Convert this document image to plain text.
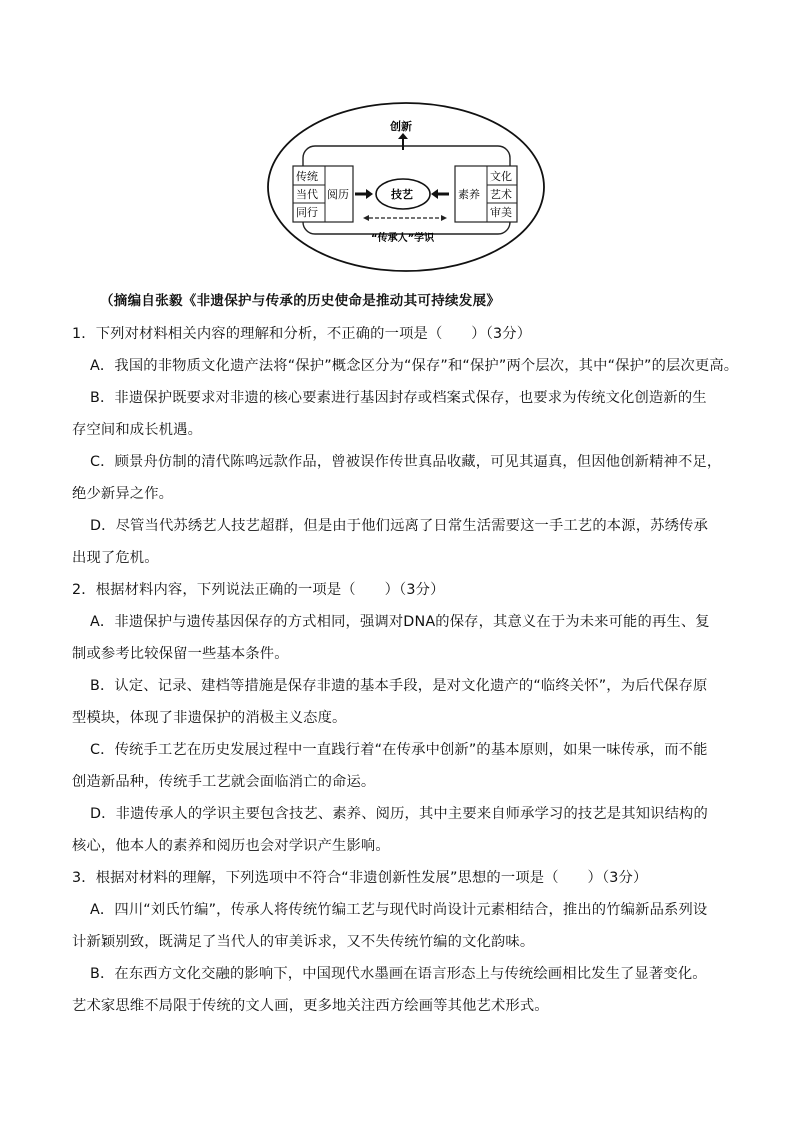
创新
传统
当代
同行
阅历	技艺	素养
文化
艺术
审美
“传承人”学识
（摘编自张毅《非遗保护与传承的历史使命是推动其可持续发展》
1．下列对材料相关内容的理解和分析，不正确的一项是（　　）（3分）
A．我国的非物质文化遗产法将“保护”概念区分为“保存”和“保护”两个层次，其中“保护”的层次更高。
B．非遗保护既要求对非遗的核心要素进行基因封存或档案式保存，也要求为传统文化创造新的生
存空间和成长机遇。
C．顾景舟仿制的清代陈鸣远款作品，曾被误作传世真品收藏，可见其逼真，但因他创新精神不足，
绝少新异之作。
D．尽管当代苏绣艺人技艺超群，但是由于他们远离了日常生活需要这一手工艺的本源，苏绣传承
出现了危机。
2．根据材料内容，下列说法正确的一项是（　　）（3分）
A．非遗保护与遗传基因保存的方式相同，强调对DNA的保存，其意义在于为未来可能的再生、复
制或参考比较保留一些基本条件。
B．认定、记录、建档等措施是保存非遗的基本手段，是对文化遗产的“临终关怀”，为后代保存原
型模块，体现了非遗保护的消极主义态度。
C．传统手工艺在历史发展过程中一直践行着“在传承中创新”的基本原则，如果一味传承，而不能
创造新品种，传统手工艺就会面临消亡的命运。
D．非遗传承人的学识主要包含技艺、素养、阅历，其中主要来自师承学习的技艺是其知识结构的
核心，他本人的素养和阅历也会对学识产生影响。
3．根据对材料的理解，下列选项中不符合“非遗创新性发展”思想的一项是（　　）（3分）
A．四川“刘氏竹编”，传承人将传统竹编工艺与现代时尚设计元素相结合，推出的竹编新品系列设
计新颖别致，既满足了当代人的审美诉求，又不失传统竹编的文化韵味。
B．在东西方文化交融的影响下，中国现代水墨画在语言形态上与传统绘画相比发生了显著变化。
艺术家思维不局限于传统的文人画，更多地关注西方绘画等其他艺术形式。
